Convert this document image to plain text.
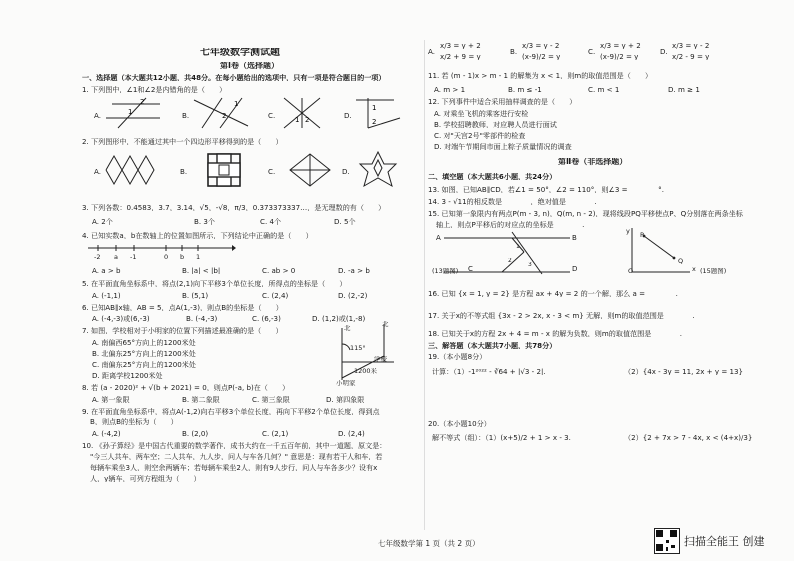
七年级数学测试题
第Ⅰ卷（选择题）
一、选择题（本大题共12小题，共48分。在每小题给出的选项中，只有一项是符合题目的一项）
1. 下列图中，∠1和∠2是内错角的是（　　）
A.	1
2
B.	2
1
C.	1 2	D.
1
2
2. 下列图形中，不能通过其中一个四边形平移得到的是（　　）
A.	B.	C.	D.
3. 下列各数：0.4583，3.7，3.14，√5，-√8，π/3，0.373373337…，是无理数的有（　　）
A. 2个	B. 3个	C. 4个	D. 5个
4. 已知实数a，b在数轴上的位置如图所示，下列结论中正确的是（　　）
-2 a -1	0 b 1
A. a > b	B. |a| < |b|	C. ab > 0	D. -a > b
5. 在平面直角坐标系中，将点(2,1)向下平移3个单位长度，所得点的坐标是（　　）
A. (-1,1)	B. (5,1)	C. (2,4)	D. (2,-2)
6. 已知AB∥x轴，AB = 5，点A(1,-3)，则点B的坐标是（　　）
A. (-4,-3)或(6,-3)	B. (-4,-3)	C. (6,-3)	D. (1,2)或(1,-8)
7. 如图，学校相对于小明家的位置下列描述最准确的是（　　）
A. 南偏西65°方向上的1200米处
B. 北偏东25°方向上的1200米处
C. 南偏东25°方向上的1200米处
D. 距离学校1200米处
北	北
115°
学校
1200米
小明家
8. 若 (a - 2020)² + √(b + 2021) = 0，则点P(-a, b)在（　　）
A. 第一象限	B. 第二象限	C. 第三象限	D. 第四象限
9. 在平面直角坐标系中，将点A(-1,2)向右平移3个单位长度，再向下平移2个单位长度，得到点
B，则点B的坐标为（　　）
A. (-4,2)	B. (2,0)	C. (2,1)	D. (2,4)
10. 《孙子算经》是中国古代重要的数学著作，成书大约在一千五百年前，其中一道题，原文是：
"今三人共车，两车空；二人共车，九人步，问人与车各几何？" 意思是：现有若干人和车，若
每辆车乘坐3人，则空余两辆车；若每辆车乘坐2人，则有9人步行，问人与车各多少？设有x
人，y辆车，可列方程组为（　　）
A.
x/3 = y + 2
x/2 + 9 = y
B.
x/3 = y - 2
(x-9)/2 = y
C.
x/3 = y + 2
(x-9)/2 = y
D.
x/3 = y - 2
x/2 - 9 = y
11. 若 (m - 1)x > m - 1 的解集为 x < 1，则m的取值范围是（　　）
A. m > 1	B. m ≤ -1	C. m < 1	D. m ≥ 1
12. 下列事件中适合采用抽样调查的是（　　）
A. 对乘坐飞机的乘客进行安检
B. 学校招聘教师，对应聘人员进行面试
C. 对"天宫2号"零部件的检查
D. 对端午节期间市面上粽子质量情况的调查
第Ⅱ卷（非选择题）
二、填空题（本大题共6小题，共24分）
13. 如图，已知AB∥CD，若∠1 = 50°，∠2 = 110°，则∠3 = ________°.
14. 3 - √11的相反数是________，绝对值是________.
15. 已知第一象限内有两点P(m - 3, n)，Q(m, n - 2)，现将线段PQ平移使点P、Q分别落在两条坐标
轴上，则点P平移后的对应点的坐标是________.
A	B
C	D
1
2
3
(13题图)
y
x
O
P
Q
(15题图)
16. 已知 {x = 1, y = 2} 是方程 ax + 4y = 2 的一个解，那么 a = ________.
17. 关于x的不等式组 {3x - 2 > 2x, x - 3 < m} 无解，则m的取值范围是________.
18. 已知关于x的方程 2x + 4 = m - x 的解为负数，则m的取值范围是________.
三、解答题（本大题共7小题，共78分）
19.（本小题8分）
计算：（1）-1²⁰²² - ∛64 + |√3 - 2|.	（2）{4x - 3y = 11, 2x + y = 13}
20.（本小题10分）
解不等式（组）：（1）(x+5)/2 + 1 > x - 3.	（2）{2 + 7x > 7 - 4x, x < (4+x)/3}
七年级数学第 1 页（共 2 页）	扫描全能王 创建
